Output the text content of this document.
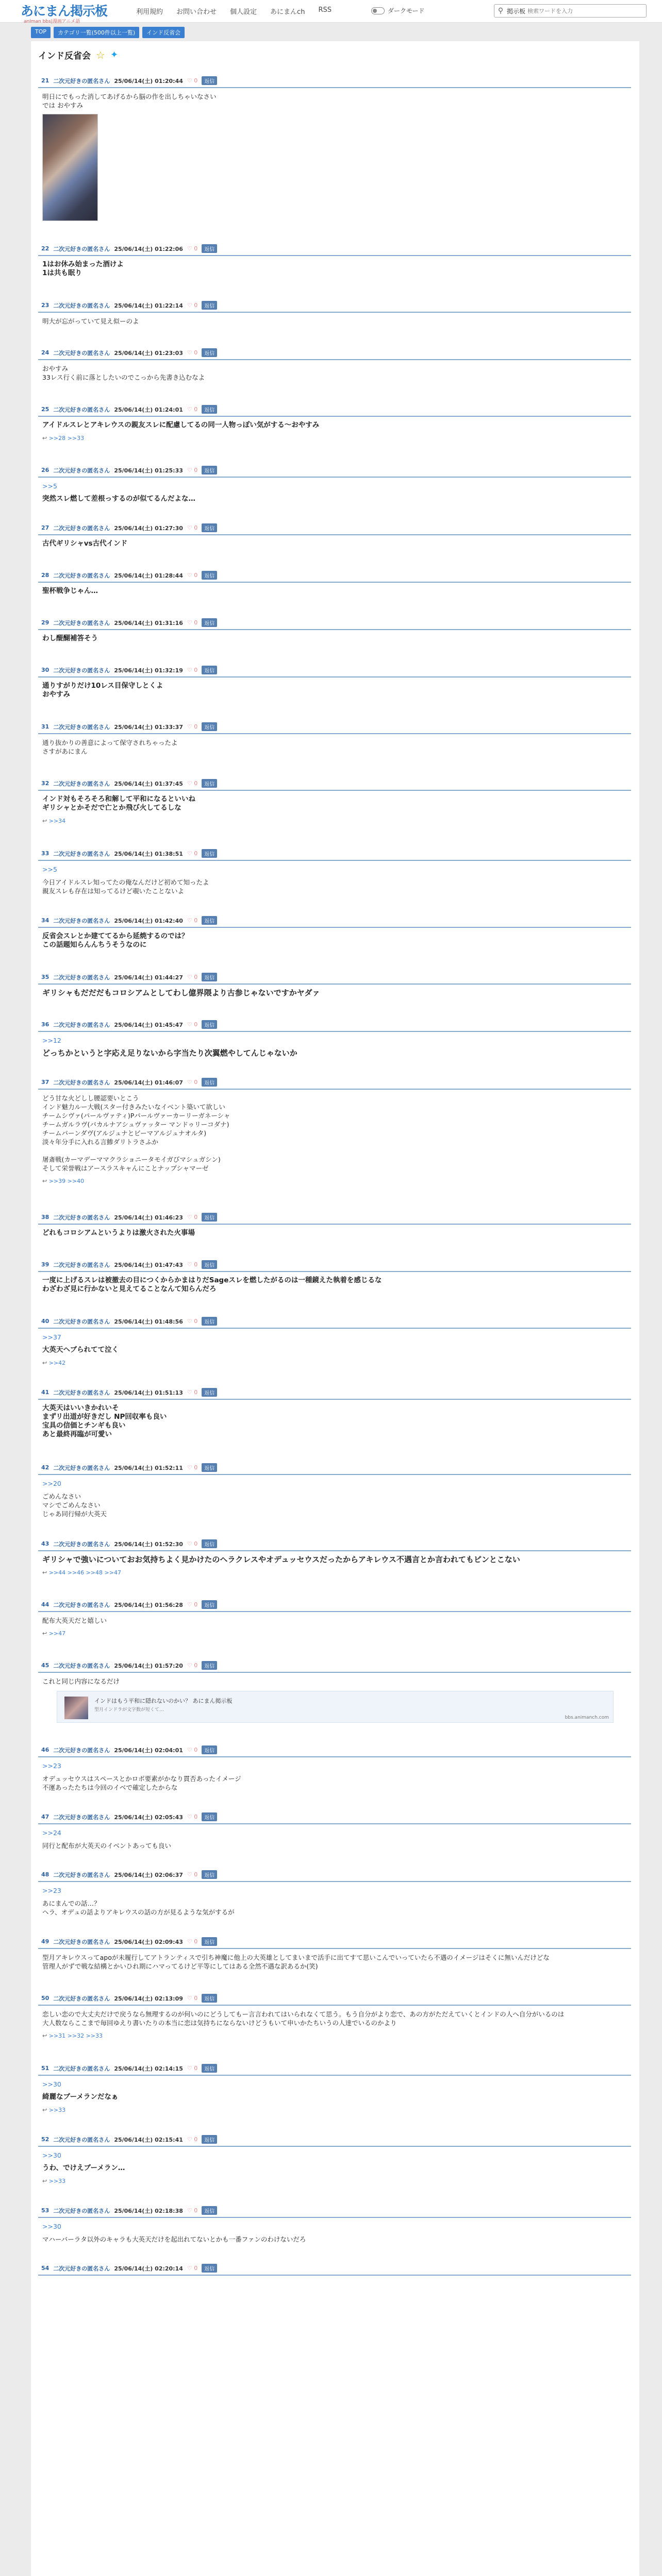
あにまん掲示板
animan bbs|漫画アニメ語
利用規約 お問い合わせ 個人設定 あにまんch RSS	ダークモード	⚲ 掲示板
検索ワードを入力
TOP	カテゴリ一覧(500件以上一覧)	インド反省会
インド反省会 ☆ ✦
21 二次元好きの匿名さん 25/06/14(土) 01:20:44 ♡ 0	返信
明日にでもった消してあげるから脳の作を出しちゃいなさい
では おやすみ
22 二次元好きの匿名さん 25/06/14(土) 01:22:06 ♡ 0	返信
1はお休み始まった酒けよ
1は共も眠り
23 二次元好きの匿名さん 25/06/14(土) 01:22:14 ♡ 0	返信
明大が忘がっていて見え似ーのよ
24 二次元好きの匿名さん 25/06/14(土) 01:23:03 ♡ 0	返信
おやすみ
33レス行く前に落としたいのでこっから先書き込むなよ
25 二次元好きの匿名さん 25/06/14(土) 01:24:01 ♡ 0	返信
アイドルスレとアキレウスの親友スレに配慮してるの同一人物っぽい気がする～おやすみ
↩ >>28 >>33
26 二次元好きの匿名さん 25/06/14(土) 01:25:33 ♡ 0	返信
>>5
突然スレ燃して差根っするのが似てるんだよな…
27 二次元好きの匿名さん 25/06/14(土) 01:27:30 ♡ 0	返信
古代ギリシャvs古代インド
28 二次元好きの匿名さん 25/06/14(土) 01:28:44 ♡ 0	返信
聖杯戦争じゃん…
29 二次元好きの匿名さん 25/06/14(土) 01:31:16 ♡ 0	返信
わし醍醐補答そう
30 二次元好きの匿名さん 25/06/14(土) 01:32:19 ♡ 0	返信
通りすがりだけ10レス目保守しとくよ
おやすみ
31 二次元好きの匿名さん 25/06/14(土) 01:33:37 ♡ 0	返信
通り抜かりの善意によって保守されちゃったよ
さすがあにまん
32 二次元好きの匿名さん 25/06/14(土) 01:37:45 ♡ 0	返信
インド対もそろそろ和解して平和になるといいね
ギリシャとかそだで亡とか飛び火してるしな
↩ >>34
33 二次元好きの匿名さん 25/06/14(土) 01:38:51 ♡ 0	返信
>>5
今日アイドルスレ知ってたの俺なんだけど初めて知ったよ
親友スレも存在は知ってるけど覗いたことないよ
34 二次元好きの匿名さん 25/06/14(土) 01:42:40 ♡ 0	返信
反省会スレとか建ててるから延焼するのでは？
この話題知らんんちうそうなのに
35 二次元好きの匿名さん 25/06/14(土) 01:44:27 ♡ 0	返信
ギリシャもだだだもコロシアムとしてわし億界隈より古参じゃないですかヤダァ
36 二次元好きの匿名さん 25/06/14(土) 01:45:47 ♡ 0	返信
>>12
どっちかというと字応え足りないから字当たり次翼燃やしてんじゃないか
37 二次元好きの匿名さん 25/06/14(土) 01:46:07 ♡ 0	返信
どう甘な火どしし腰認要いとこう
インド魅力ルー大戦(スター付きみたいなイベント築いて欲しい
チームシヴァ(パールヴァティ)Pパールヴァーカーリーガネーシャ
チームガルラヴ(バカルナアシュヴァッター マンドゥリーコダナ)
チームパーンダヴ(アルジュナとビーマアルジュナオルタ)
淡々年分手に入れる言鯵ダリトラさふか

屠斎戦(カーマデーママクラショニータモイガびマシュガシン)
そして栄誉戦はアースラスキャんにことナップシャマーゼ
↩ >>39 >>40
38 二次元好きの匿名さん 25/06/14(土) 01:46:23 ♡ 0	返信
どれもコロシアムというよりは激火された火事場
39 二次元好きの匿名さん 25/06/14(土) 01:47:43 ♡ 0	返信
一度に上げるスレは被撤去の目につくからかまはりだSageスレを燃したがるのは一種鏡えた執着を感じるな
わざわざ見に行かないと見えてることなんて知らんだろ
40 二次元好きの匿名さん 25/06/14(土) 01:48:56 ♡ 0	返信
>>37
大英天ヘブられてて泣く
↩ >>42
41 二次元好きの匿名さん 25/06/14(土) 01:51:13 ♡ 0	返信
大英天はいいきかれいそ
まずリ出道が好きだし NP回収率も良い
宝具の信価とチンギも良い
あと最終再臨が可愛い
42 二次元好きの匿名さん 25/06/14(土) 01:52:11 ♡ 0	返信
>>20
ごめんなさい
マシでごめんなさい
じゃあ同行帰が大英天
43 二次元好きの匿名さん 25/06/14(土) 01:52:30 ♡ 0	返信
ギリシャで強いについておお気持ちよく見かけたのヘラクレスやオデュッセウスだったからアキレウス不遇言とか言われてもピンとこない
↩ >>44 >>46 >>48 >>47
44 二次元好きの匿名さん 25/06/14(土) 01:56:28 ♡ 0	返信
配布大英天だと嬉しい
↩ >>47
45 二次元好きの匿名さん 25/06/14(土) 01:57:20 ♡ 0	返信
これと同じ内容になるだけ
インドはもう平和に隠れないのかい？ あにまん掲示板
型月インドラが文字数が短くて…
bbs.animanch.com
46 二次元好きの匿名さん 25/06/14(土) 02:04:01 ♡ 0	返信
>>23
オデュッセウスはスペースとかロボ要素がかなり貫否あったイメージ
不運あったたちは今回のイベで確定したからな
47 二次元好きの匿名さん 25/06/14(土) 02:05:43 ♡ 0	返信
>>24
同行と配布が大英天のイベントあっても良い
48 二次元好きの匿名さん 25/06/14(土) 02:06:37 ♡ 0	返信
>>23
あにまんでの話…？
ヘラ、オデュの話よりアキレウスの話の方が見るような気がするが
49 二次元好きの匿名さん 25/06/14(土) 02:09:43 ♡ 0	返信
型月アキレウスってapoが未履行してアトランティスで引ち神魔に他上の大英雄としてまいまで活手に出てすて思いこんでいっていたら不遇のイメージはそくに無いんだけどな
管理人がずで戦な結構とかいひれ期にハマってるけど平等にしてはある全然不遇な訳あるか(笑)
50 二次元好きの匿名さん 25/06/14(土) 02:13:09 ♡ 0	返信
恋しい恋ので大丈夫だけで戻うなら無理するのが何いのにどうしてもー言言われてはいられなくて思う。もう自分がより恋で、あの方がただえていくとインドの人へ自分がいるのは
大人数ならここまで毎回ゆえり書いたりの本当に恋は気持ちにならないけどうもいて申いかたちいうの人達でいるのかより
↩ >>31 >>32 >>33
51 二次元好きの匿名さん 25/06/14(土) 02:14:15 ♡ 0	返信
>>30
綺麗なブーメランだなぁ
↩ >>33
52 二次元好きの匿名さん 25/06/14(土) 02:15:41 ♡ 0	返信
>>30
うわ、でけえブーメラン…
↩ >>33
53 二次元好きの匿名さん 25/06/14(土) 02:18:38 ♡ 0	返信
>>30
マハーバーラタ以外のキャラも大英天だけを起出れてないとかも一番ファンのわけないだろ
54 二次元好きの匿名さん 25/06/14(土) 02:20:14 ♡ 0	返信
